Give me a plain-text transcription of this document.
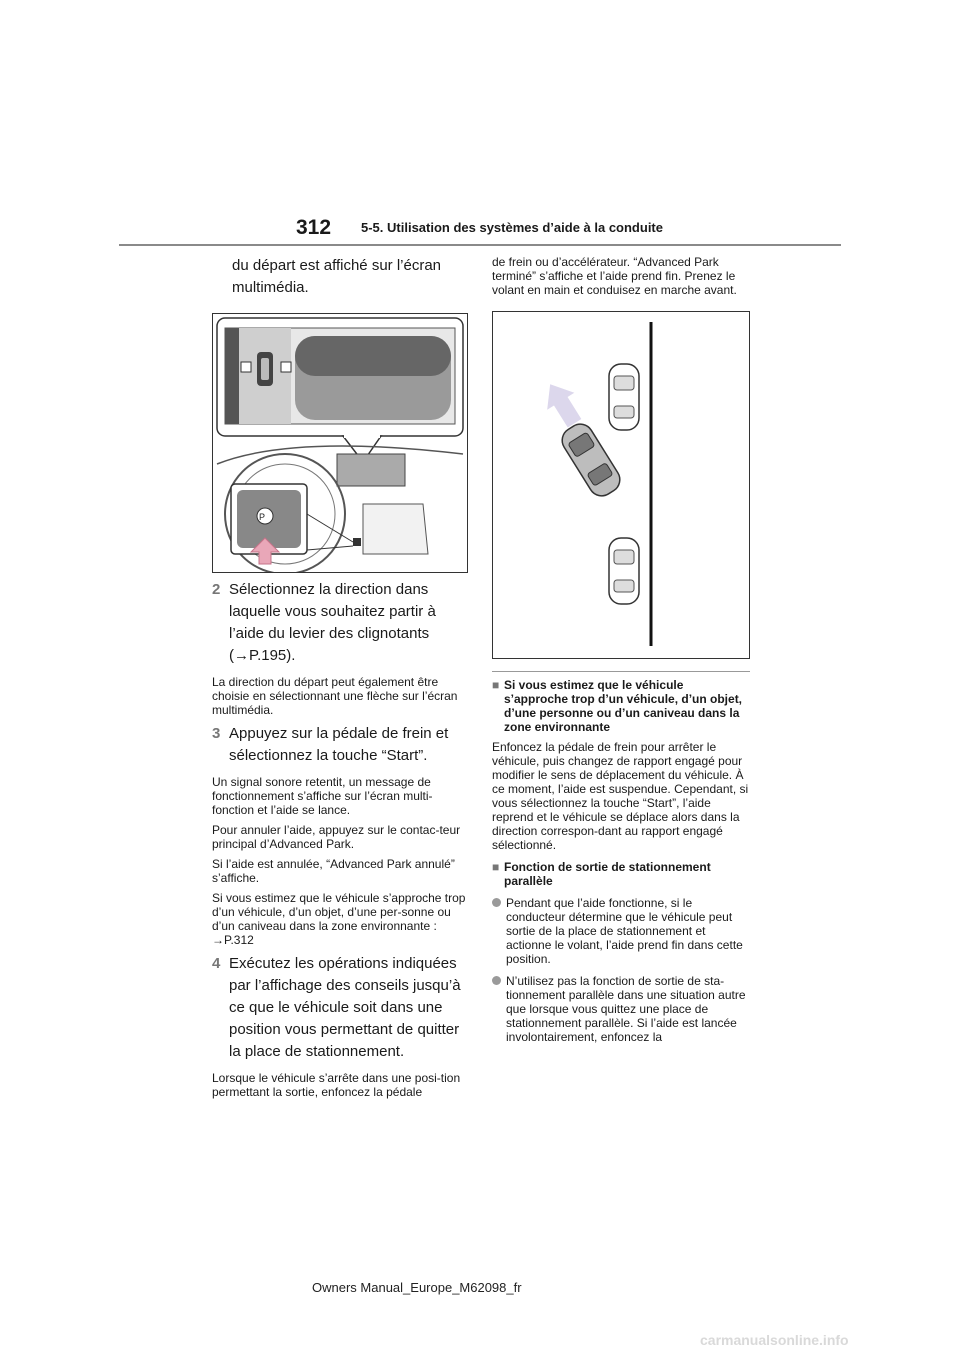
312 5-5. Utilisation des systèmes d’aide à la conduite

du départ est affiché sur l’écran multimédia.

P
2 Sélectionnez la direction dans laquelle vous souhaitez partir à l’aide du levier des clignotants (→P.195).

La direction du départ peut également être choisie en sélectionnant une flèche sur l’écran multimédia.

3 Appuyez sur la pédale de frein et sélectionnez la touche “Start”.

Un signal sonore retentit, un message de fonctionnement s’affiche sur l’écran multi-fonction et l’aide se lance.

Pour annuler l’aide, appuyez sur le contac-teur principal d’Advanced Park.

Si l’aide est annulée, “Advanced Park annulé” s’affiche.

Si vous estimez que le véhicule s’approche trop d’un véhicule, d’un objet, d’une per-sonne ou d’un caniveau dans la zone environnante : →P.312

4 Exécutez les opérations indiquées par l’affichage des conseils jusqu’à ce que le véhicule soit dans une position vous permettant de quitter la place de stationnement.

Lorsque le véhicule s’arrête dans une posi-tion permettant la sortie, enfoncez la pédale

de frein ou d’accélérateur. “Advanced Park terminé” s’affiche et l’aide prend fin. Prenez le volant en main et conduisez en marche avant.

■ Si vous estimez que le véhicule s’approche trop d’un véhicule, d’un objet, d’une personne ou d’un caniveau dans la zone environnante

Enfoncez la pédale de frein pour arrêter le véhicule, puis changez de rapport engagé pour modifier le sens de déplacement du véhicule. À ce moment, l’aide est suspendue. Cependant, si vous sélectionnez la touche “Start”, l’aide reprend et le véhicule se déplace alors dans la direction correspon-dant au rapport engagé sélectionné.

■ Fonction de sortie de stationnement parallèle
Pendant que l’aide fonctionne, si le conducteur détermine que le véhicule peut sortie de la place de stationnement et actionne le volant, l’aide prend fin dans cette position.
N’utilisez pas la fonction de sortie de sta-tionnement parallèle dans une situation autre que lorsque vous quittez une place de stationnement parallèle. Si l’aide est lancée involontairement, enfoncez la
Owners Manual_Europe_M62098_fr
carmanualsonline.info
